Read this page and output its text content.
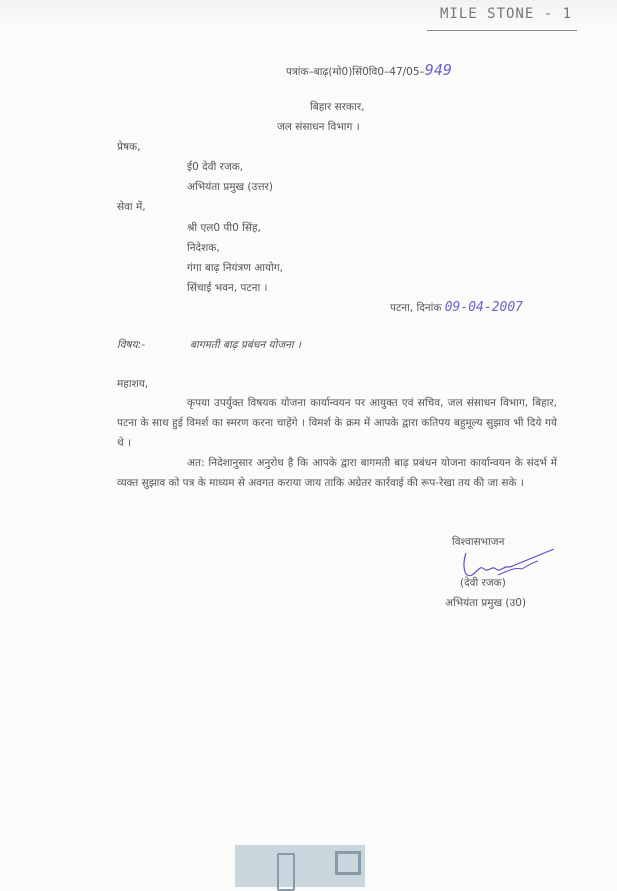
MILE STONE - 1
पत्रांक–बाढ़(मो0)सिं0वि0–47/05–949
बिहार सरकार,
जल संसाधन विभाग ।
प्रेषक,
ई0 देवी रजक,
अभियंता प्रमुख (उत्तर)
सेवा में,
श्री एल0 पी0 सिंह,
निदेशक,
गंगा बाढ़ नियंत्रण आयोग,
सिंचाई भवन, पटना ।
पटना, दिनांक 09-04-2007
विषय:-	बागमती बाढ़ प्रबंधन योजना ।
महाशय,
कृपया उपर्युक्त विषयक योजना कार्यान्वयन पर आयुक्त एवं सचिव, जल संसाधन विभाग, बिहार, पटना के साथ हुई विमर्श का स्मरण करना चाहेंगे । विमर्श के क्रम में आपके द्वारा कतिपय बहुमूल्य सुझाव भी दिये गये थे ।
अत: निदेशानुसार अनुरोध है कि आपके द्वारा बागमती बाढ़ प्रबंधन योजना कार्यान्वयन के संदर्भ में व्यक्त सुझाव को पत्र के माध्यम से अवगत कराया जाय ताकि अग्रेतर कार्रवाई की रूप-रेखा तय की जा सके ।
विश्वासभाजन
(देवी रजक)
अभियंता प्रमुख (उ0)
